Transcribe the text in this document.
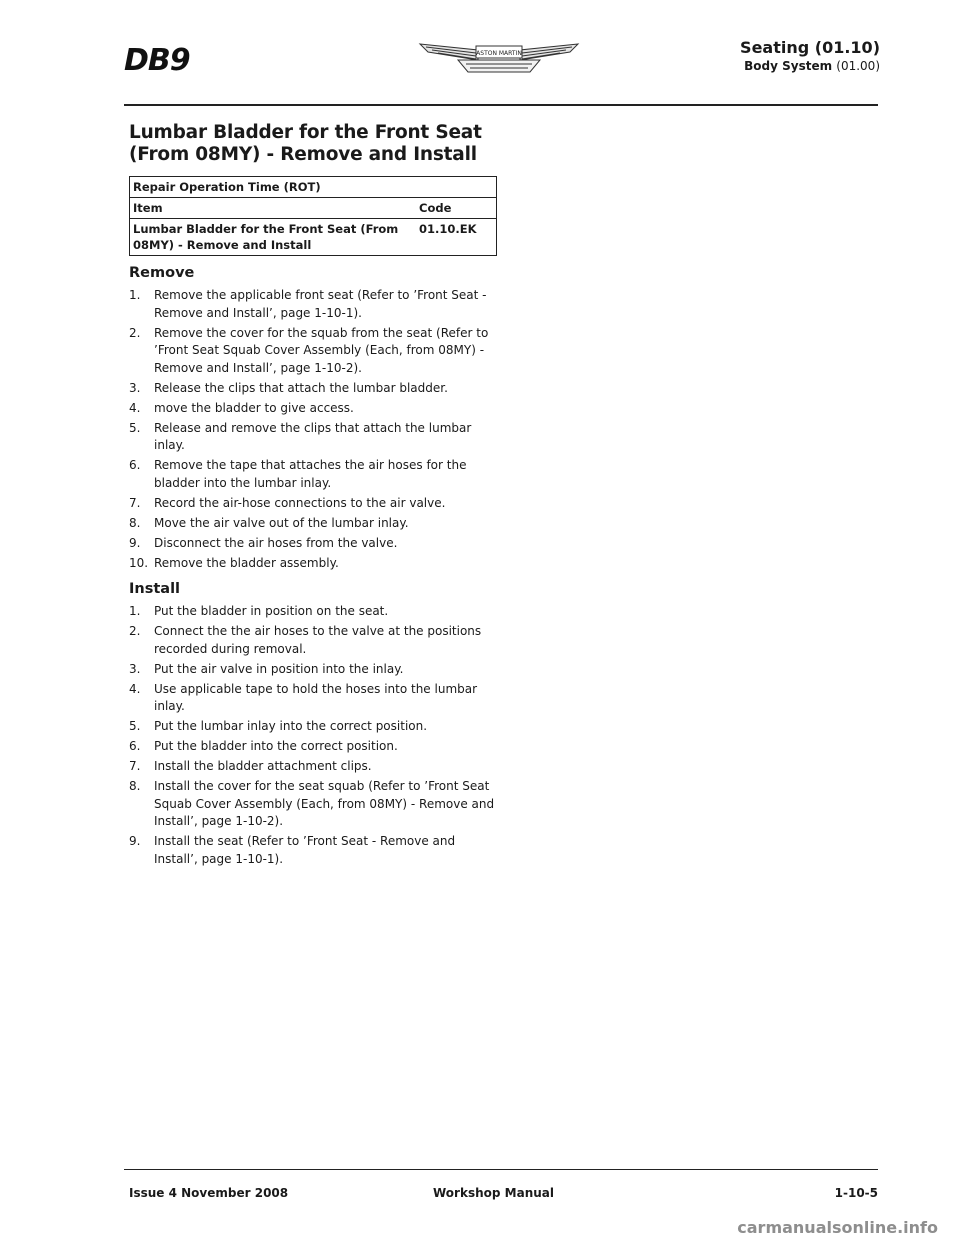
DB9	ASTON MARTIN	Seating (01.10)
Body System (01.00)
Lumbar Bladder for the Front Seat (From 08MY) - Remove and Install
Repair Operation Time (ROT)	
Item	Code
Lumbar Bladder for the Front Seat (From 08MY) - Remove and Install	01.10.EK
Remove
1. Remove the applicable front seat (Refer to ’Front Seat - Remove and Install’, page 1-10-1).
2. Remove the cover for the squab from the seat (Refer to ’Front Seat Squab Cover Assembly (Each, from 08MY) - Remove and Install’, page 1-10-2).
3. Release the clips that attach the lumbar bladder.
4. move the bladder to give access.
5. Release and remove the clips that attach the lumbar inlay.
6. Remove the tape that attaches the air hoses for the bladder into the lumbar inlay.
7. Record the air-hose connections to the air valve.
8. Move the air valve out of the lumbar inlay.
9. Disconnect the air hoses from the valve.
10. Remove the bladder assembly.
Install
1. Put the bladder in position on the seat.
2. Connect the the air hoses to the valve at the positions recorded during removal.
3. Put the air valve in position into the inlay.
4. Use applicable tape to hold the hoses into the lumbar inlay.
5. Put the lumbar inlay into the correct position.
6. Put the bladder into the correct position.
7. Install the bladder attachment clips.
8. Install the cover for the seat squab (Refer to ’Front Seat Squab Cover Assembly (Each, from 08MY) - Remove and Install’, page 1-10-2).
9. Install the seat (Refer to ’Front Seat - Remove and Install’, page 1-10-1).
Issue 4 November 2008	Workshop Manual	1-10-5
carmanualsonline.info
